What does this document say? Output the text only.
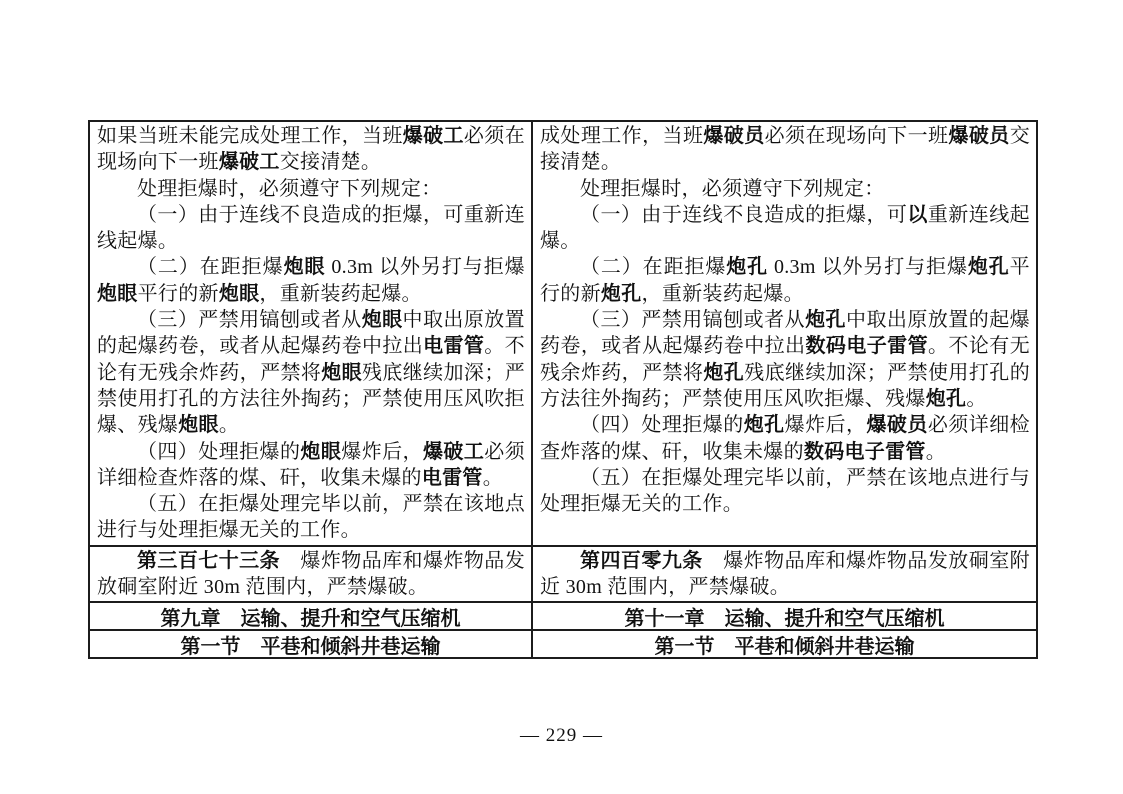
如果当班未能完成处理工作，当班爆破工必须在现场向下一班爆破工交接清楚。

处理拒爆时，必须遵守下列规定：

（一）由于连线不良造成的拒爆，可重新连线起爆。

（二）在距拒爆炮眼 0.3m 以外另打与拒爆炮眼平行的新炮眼，重新装药起爆。

（三）严禁用镐刨或者从炮眼中取出原放置的起爆药卷，或者从起爆药卷中拉出电雷管。不论有无残余炸药，严禁将炮眼残底继续加深；严禁使用打孔的方法往外掏药；严禁使用压风吹拒爆、残爆炮眼。

（四）处理拒爆的炮眼爆炸后，爆破工必须详细检查炸落的煤、矸，收集未爆的电雷管。

（五）在拒爆处理完毕以前，严禁在该地点进行与处理拒爆无关的工作。

成处理工作，当班爆破员必须在现场向下一班爆破员交接清楚。

处理拒爆时，必须遵守下列规定：

（一）由于连线不良造成的拒爆，可以重新连线起爆。

（二）在距拒爆炮孔 0.3m 以外另打与拒爆炮孔平行的新炮孔，重新装药起爆。

（三）严禁用镐刨或者从炮孔中取出原放置的起爆药卷，或者从起爆药卷中拉出数码电子雷管。不论有无残余炸药，严禁将炮孔残底继续加深；严禁使用打孔的方法往外掏药；严禁使用压风吹拒爆、残爆炮孔。

（四）处理拒爆的炮孔爆炸后，爆破员必须详细检查炸落的煤、矸，收集未爆的数码电子雷管。

（五）在拒爆处理完毕以前，严禁在该地点进行与处理拒爆无关的工作。

第三百七十三条　爆炸物品库和爆炸物品发放硐室附近 30m 范围内，严禁爆破。

第四百零九条　爆炸物品库和爆炸物品发放硐室附近 30m 范围内，严禁爆破。

第九章　运输、提升和空气压缩机	第十一章　运输、提升和空气压缩机
第一节　平巷和倾斜井巷运输	第一节　平巷和倾斜井巷运输
— 229 —
